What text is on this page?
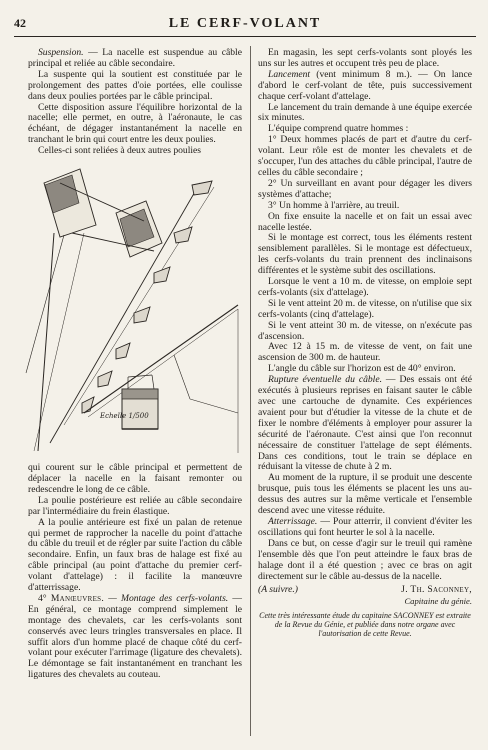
42	LE CERF-VOLANT

Suspension. — La nacelle est suspendue au câble principal et reliée au câble secondaire.

La suspente qui la soutient est constituée par le prolongement des pattes d'oie portées, elle coulisse dans deux poulies portées par le câble principal.

Cette disposition assure l'équilibre horizontal de la nacelle; elle permet, en outre, à l'aéronaute, le cas échéant, de dégager instantanément la nacelle en tranchant le brin qui court entre les deux poulies.

Celles-ci sont reliées à deux autres poulies

Echelle 1/500

qui courent sur le câble principal et permettent de déplacer la nacelle en la faisant remonter ou redescendre le long de ce câble.

La poulie postérieure est reliée au câble secondaire par l'intermédiaire du frein élastique.

A la poulie antérieure est fixé un palan de retenue qui permet de rapprocher la nacelle du point d'attache du câble du treuil et de régler par suite l'action du câble secondaire. Enfin, un faux bras de halage est fixé au câble principal (au point d'attache du premier cerf-volant d'attelage) : il facilite la manœuvre d'atterrissage.

4° Manœuvres. — Montage des cerfs-volants. — En général, ce montage comprend simplement le montage des chevalets, car les cerfs-volants sont conservés avec leurs tringles transversales en place. Il suffit alors d'un homme placé de chaque côté du cerf-volant pour exécuter l'arrimage (ligature des chevalets). Le démontage se fait instantanément en tranchant les ligatures des chevalets au couteau.

En magasin, les sept cerfs-volants sont ployés les uns sur les autres et occupent très peu de place.

Lancement (vent minimum 8 m.). — On lance d'abord le cerf-volant de tête, puis successivement chaque cerf-volant d'attelage.

Le lancement du train demande à une équipe exercée six minutes.

L'équipe comprend quatre hommes :

1° Deux hommes placés de part et d'autre du cerf-volant. Leur rôle est de monter les chevalets et de s'occuper, l'un des attaches du câble principal, l'autre de celles du câble secondaire ;

2° Un surveillant en avant pour dégager les divers systèmes d'attache;

3° Un homme à l'arrière, au treuil.

On fixe ensuite la nacelle et on fait un essai avec nacelle lestée.

Si le montage est correct, tous les éléments restent sensiblement parallèles. Si le montage est défectueux, les cerfs-volants du train prennent des inclinaisons différentes et le système subit des oscillations.

Lorsque le vent a 10 m. de vitesse, on emploie sept cerfs-volants (six d'attelage).

Si le vent atteint 20 m. de vitesse, on n'utilise que six cerfs-volants (cinq d'attelage).

Si le vent atteint 30 m. de vitesse, on n'exécute pas d'ascension.

Avec 12 à 15 m. de vitesse de vent, on fait une ascension de 300 m. de hauteur.

L'angle du câble sur l'horizon est de 40° environ.

Rupture éventuelle du câble. — Des essais ont été exécutés à plusieurs reprises en faisant sauter le câble avec une cartouche de dynamite. Ces expériences avaient pour but d'étudier la vitesse de la chute et de fixer le nombre d'éléments à employer pour assurer la sécurité de l'aéronaute. C'est ainsi que l'on reconnut nécessaire de constituer l'attelage de sept éléments. Dans ces conditions, tout le train se déplace en réduisant la vitesse de chute à 2 m.

Au moment de la rupture, il se produit une descente brusque, puis tous les éléments se placent les uns au-dessus des autres sur la même verticale et l'ensemble descend avec une vitesse réduite.

Atterrissage. — Pour atterrir, il convient d'éviter les oscillations qui font heurter le sol à la nacelle.

Dans ce but, on cesse d'agir sur le treuil qui ramène l'ensemble dès que l'on peut atteindre le faux bras de halage dont il a été question ; avec ce bras on agit directement sur le câble au-dessus de la nacelle.

(A suivre.)	J. Th. Saconney,
Capitaine du génie.
Cette très intéressante étude du capitaine SACONNEY est extraite de la Revue du Génie, et publiée dans notre organe avec l'autorisation de cette Revue.
